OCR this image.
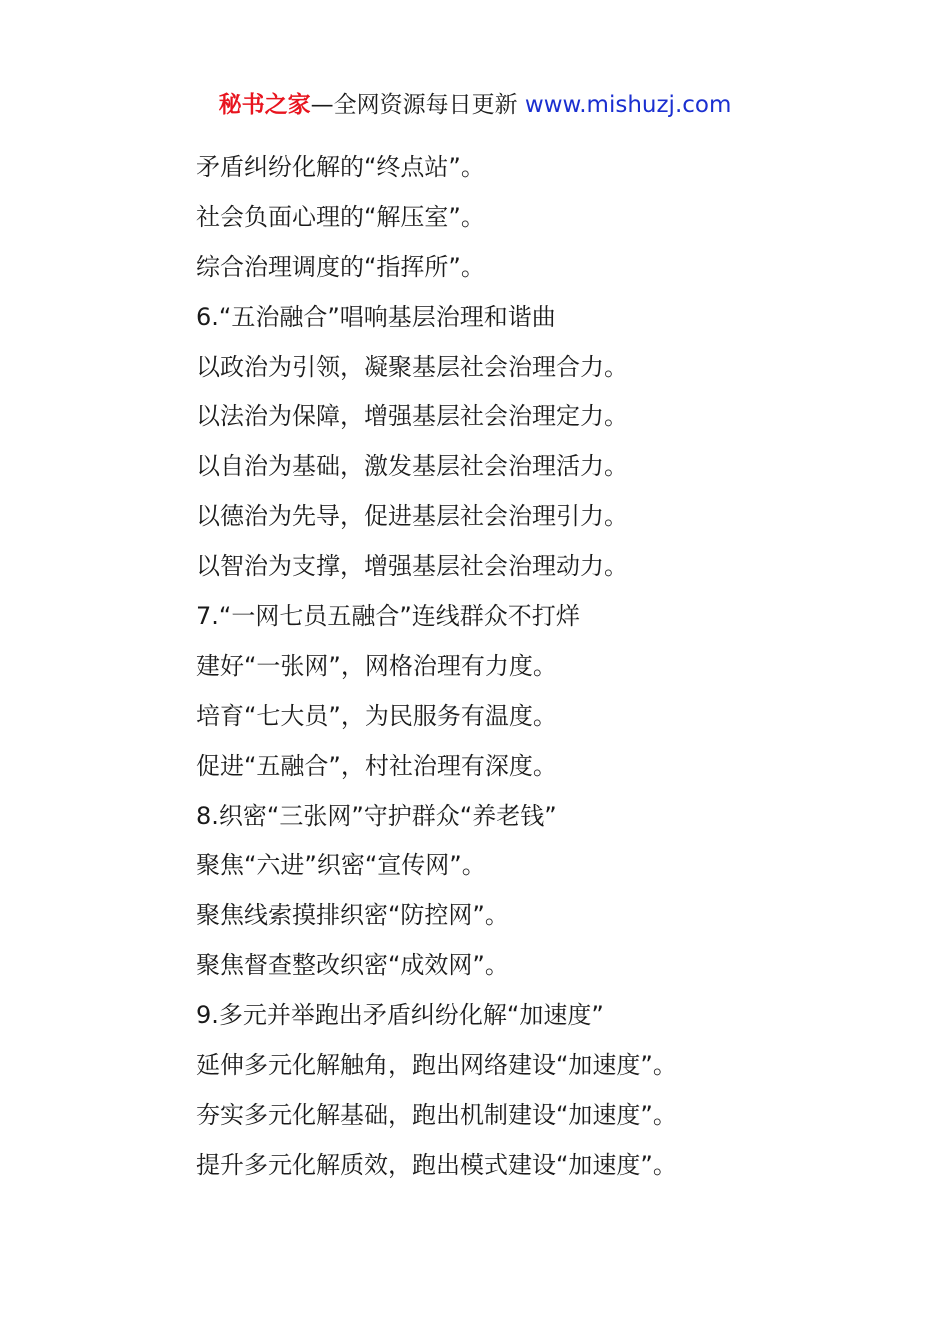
秘书之家—全网资源每日更新 www.mishuzj.com
矛盾纠纷化解的“终点站”。
社会负面心理的“解压室”。
综合治理调度的“指挥所”。
6.“五治融合”唱响基层治理和谐曲
以政治为引领，凝聚基层社会治理合力。
以法治为保障，增强基层社会治理定力。
以自治为基础，激发基层社会治理活力。
以德治为先导，促进基层社会治理引力。
以智治为支撑，增强基层社会治理动力。
7.“一网七员五融合”连线群众不打烊
建好“一张网”，网格治理有力度。
培育“七大员”，为民服务有温度。
促进“五融合”，村社治理有深度。
8.织密“三张网”守护群众“养老钱”
聚焦“六进”织密“宣传网”。
聚焦线索摸排织密“防控网”。
聚焦督查整改织密“成效网”。
9.多元并举跑出矛盾纠纷化解“加速度”
延伸多元化解触角，跑出网络建设“加速度”。
夯实多元化解基础，跑出机制建设“加速度”。
提升多元化解质效，跑出模式建设“加速度”。
